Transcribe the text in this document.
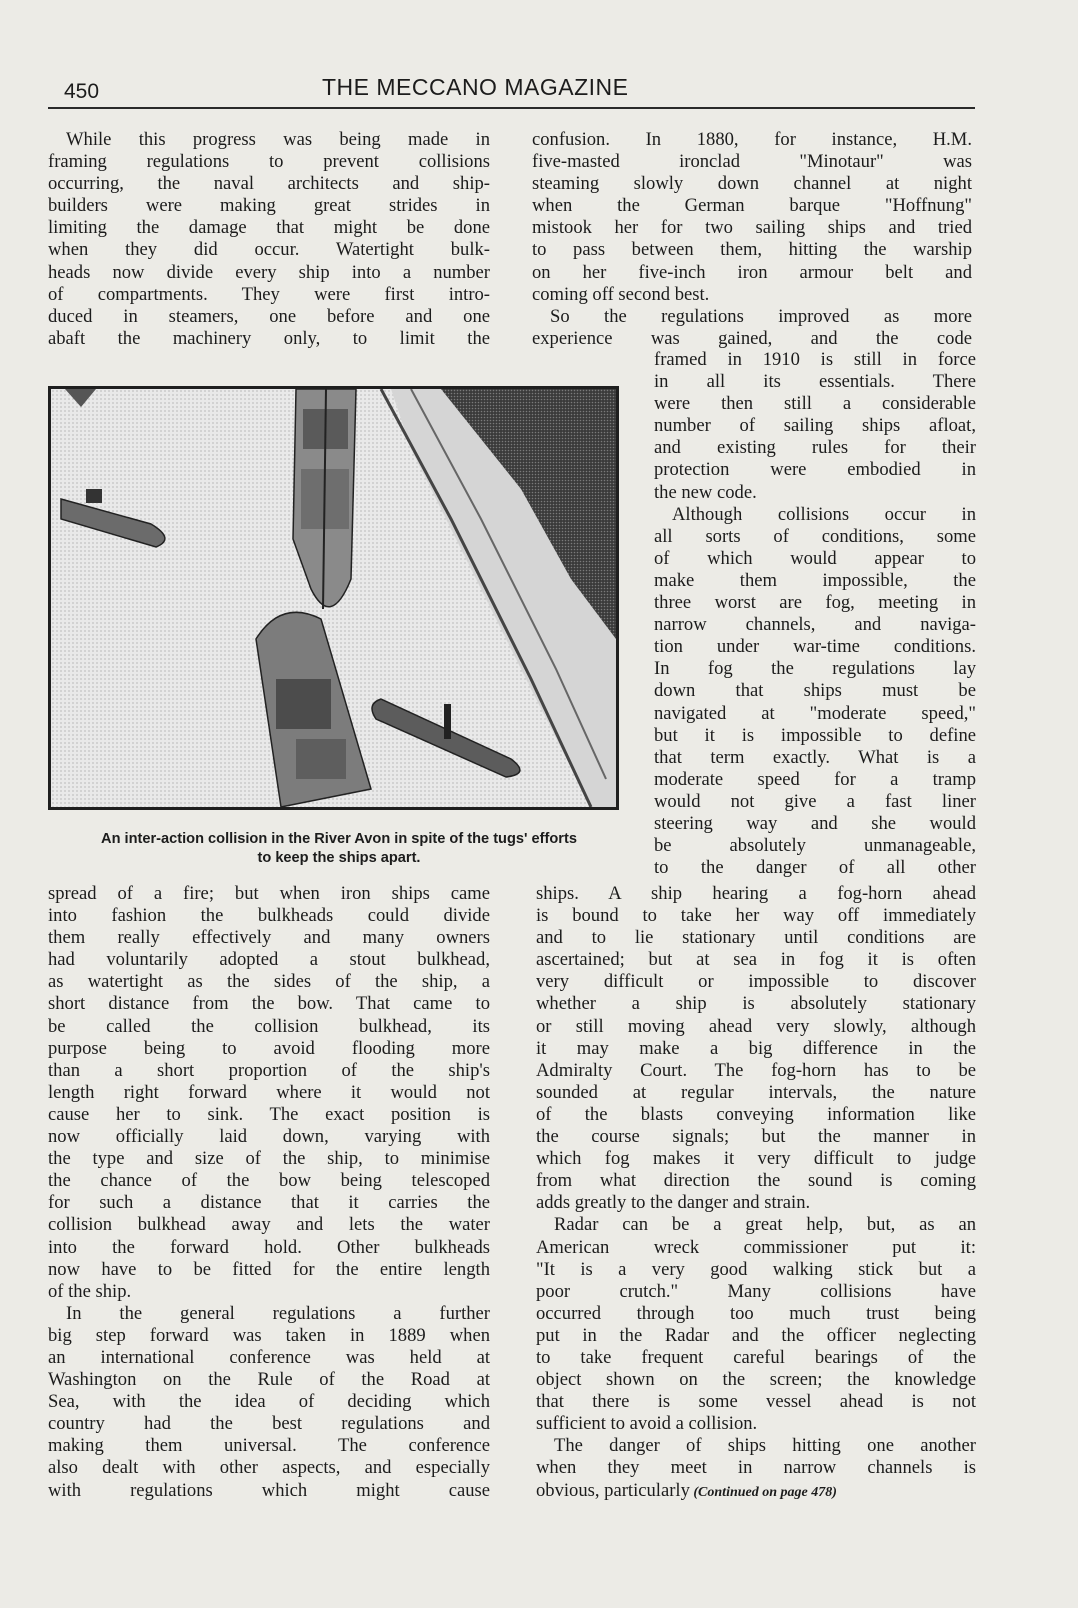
450	THE MECCANO MAGAZINE
While this progress was being made in
framing regulations to prevent collisions
occurring, the naval architects and ship-
builders were making great strides in
limiting the damage that might be done
when they did occur. Watertight bulk-
heads now divide every ship into a number
of compartments. They were first intro-
duced in steamers, one before and one
abaft the machinery only, to limit the
confusion. In 1880, for instance, H.M.
five-masted ironclad "Minotaur" was
steaming slowly down channel at night
when the German barque "Hoffnung"
mistook her for two sailing ships and tried
to pass between them, hitting the warship
on her five-inch iron armour belt and
coming off second best.
So the regulations improved as more
experience was gained, and the code
framed in 1910 is still in force
in all its essentials. There
were then still a considerable
number of sailing ships afloat,
and existing rules for their
protection were embodied in
the new code.
Although collisions occur in
all sorts of conditions, some
of which would appear to
make them impossible, the
three worst are fog, meeting in
narrow channels, and naviga-
tion under war-time conditions.
In fog the regulations lay
down that ships must be
navigated at "moderate speed,"
but it is impossible to define
that term exactly. What is a
moderate speed for a tramp
would not give a fast liner
steering way and she would
be absolutely unmanageable,
to the danger of all other
An inter-action collision in the River Avon in spite of the tugs' efforts
to keep the ships apart.
spread of a fire; but when iron ships came
into fashion the bulkheads could divide
them really effectively and many owners
had voluntarily adopted a stout bulkhead,
as watertight as the sides of the ship, a
short distance from the bow. That came to
be called the collision bulkhead, its
purpose being to avoid flooding more
than a short proportion of the ship's
length right forward where it would not
cause her to sink. The exact position is
now officially laid down, varying with
the type and size of the ship, to minimise
the chance of the bow being telescoped
for such a distance that it carries the
collision bulkhead away and lets the water
into the forward hold. Other bulkheads
now have to be fitted for the entire length
of the ship.
In the general regulations a further
big step forward was taken in 1889 when
an international conference was held at
Washington on the Rule of the Road at
Sea, with the idea of deciding which
country had the best regulations and
making them universal. The conference
also dealt with other aspects, and especially
with regulations which might cause
ships. A ship hearing a fog-horn ahead
is bound to take her way off immediately
and to lie stationary until conditions are
ascertained; but at sea in fog it is often
very difficult or impossible to discover
whether a ship is absolutely stationary
or still moving ahead very slowly, although
it may make a big difference in the
Admiralty Court. The fog-horn has to be
sounded at regular intervals, the nature
of the blasts conveying information like
the course signals; but the manner in
which fog makes it very difficult to judge
from what direction the sound is coming
adds greatly to the danger and strain.
Radar can be a great help, but, as an
American wreck commissioner put it:
"It is a very good walking stick but a
poor crutch." Many collisions have
occurred through too much trust being
put in the Radar and the officer neglecting
to take frequent careful bearings of the
object shown on the screen; the knowledge
that there is some vessel ahead is not
sufficient to avoid a collision.
The danger of ships hitting one another
when they meet in narrow channels is
obvious, particularly (Continued on page 478)
